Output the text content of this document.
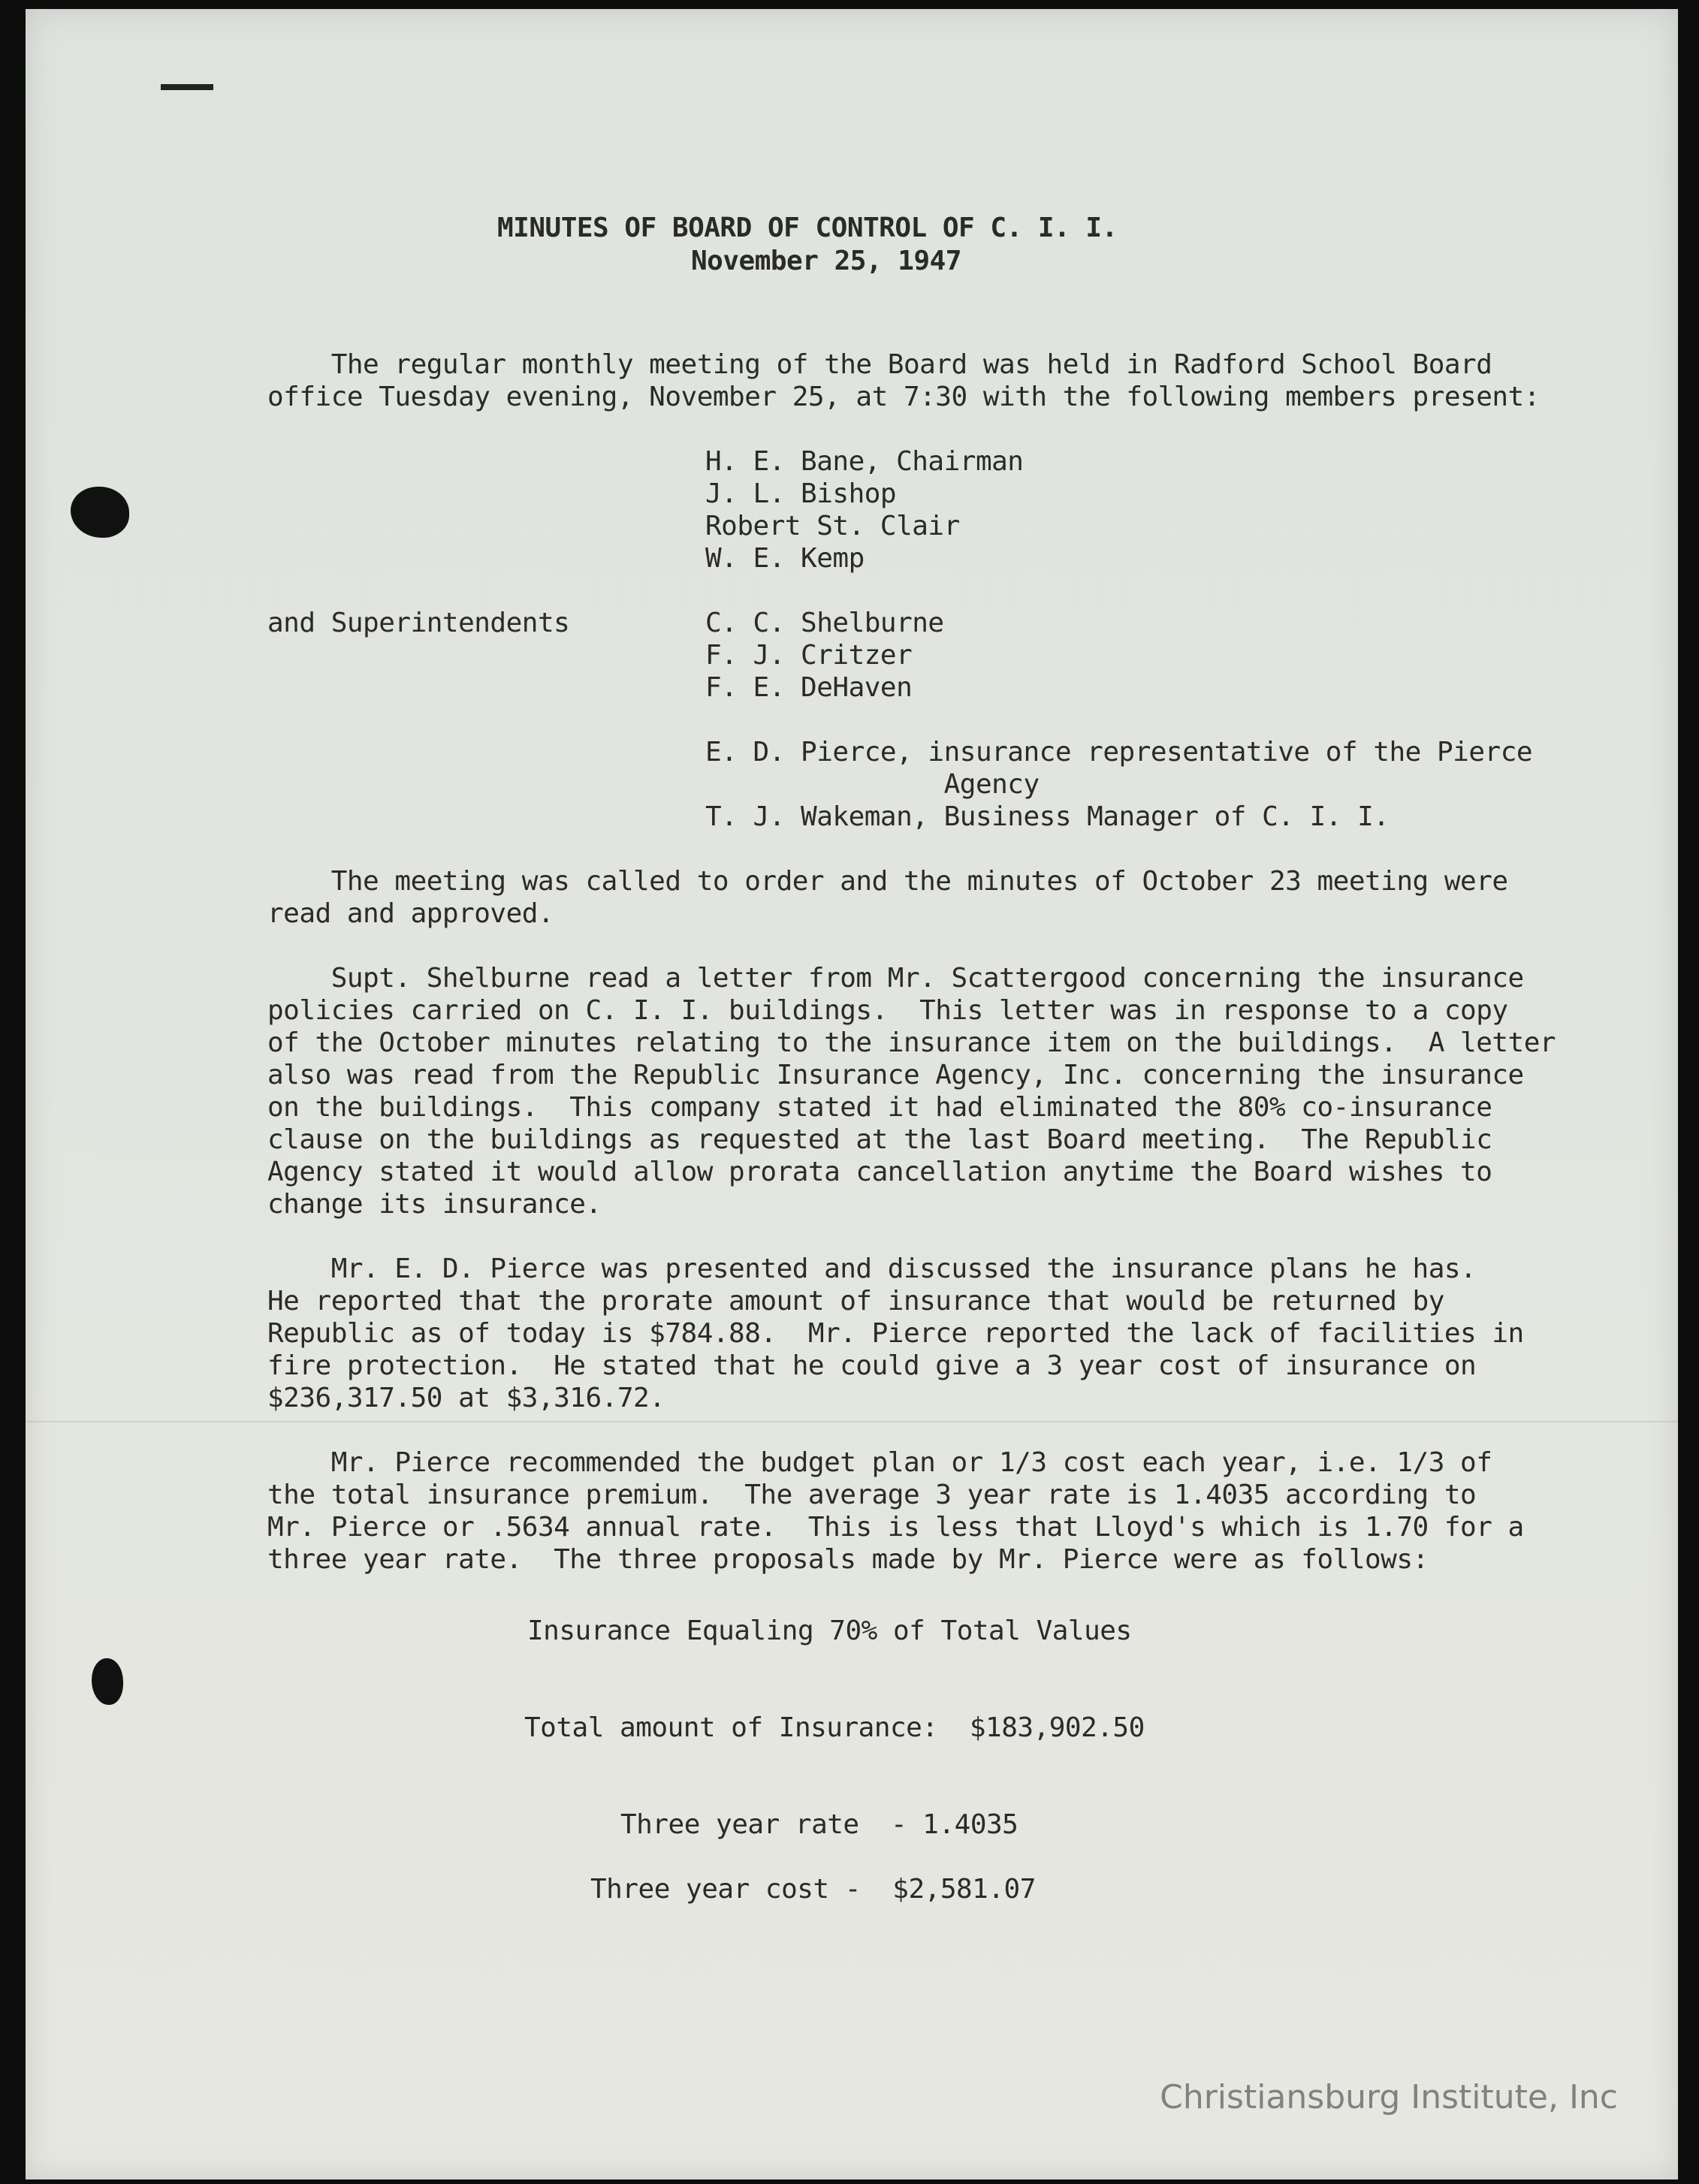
MINUTES OF BOARD OF CONTROL OF C. I. I.

November 25, 1947

The regular monthly meeting of the Board was held in Radford School Board

office Tuesday evening, November 25, at 7:30 with the following members present:

H. E. Bane, Chairman

J. L. Bishop

Robert St. Clair

W. E. Kemp

and Superintendents	C. C. Shelburne

F. J. Critzer

F. E. DeHaven

E. D. Pierce, insurance representative of the Pierce

Agency

T. J. Wakeman, Business Manager of C. I. I.

The meeting was called to order and the minutes of October 23 meeting were

read and approved.

Supt. Shelburne read a letter from Mr. Scattergood concerning the insurance

policies carried on C. I. I. buildings.  This letter was in response to a copy

of the October minutes relating to the insurance item on the buildings.  A letter

also was read from the Republic Insurance Agency, Inc. concerning the insurance

on the buildings.  This company stated it had eliminated the 80% co-insurance

clause on the buildings as requested at the last Board meeting.  The Republic

Agency stated it would allow prorata cancellation anytime the Board wishes to

change its insurance.

Mr. E. D. Pierce was presented and discussed the insurance plans he has.

He reported that the prorate amount of insurance that would be returned by

Republic as of today is $784.88.  Mr. Pierce reported the lack of facilities in

fire protection.  He stated that he could give a 3 year cost of insurance on

$236,317.50 at $3,316.72.

Mr. Pierce recommended the budget plan or 1/3 cost each year, i.e. 1/3 of

the total insurance premium.  The average 3 year rate is 1.4035 according to

Mr. Pierce or .5634 annual rate.  This is less that Lloyd's which is 1.70 for a

three year rate.  The three proposals made by Mr. Pierce were as follows:

Insurance Equaling 70% of Total Values

Total amount of Insurance:  $183,902.50

Three year rate  - 1.4035

Three year cost -  $2,581.07

Christiansburg Institute, Inc
